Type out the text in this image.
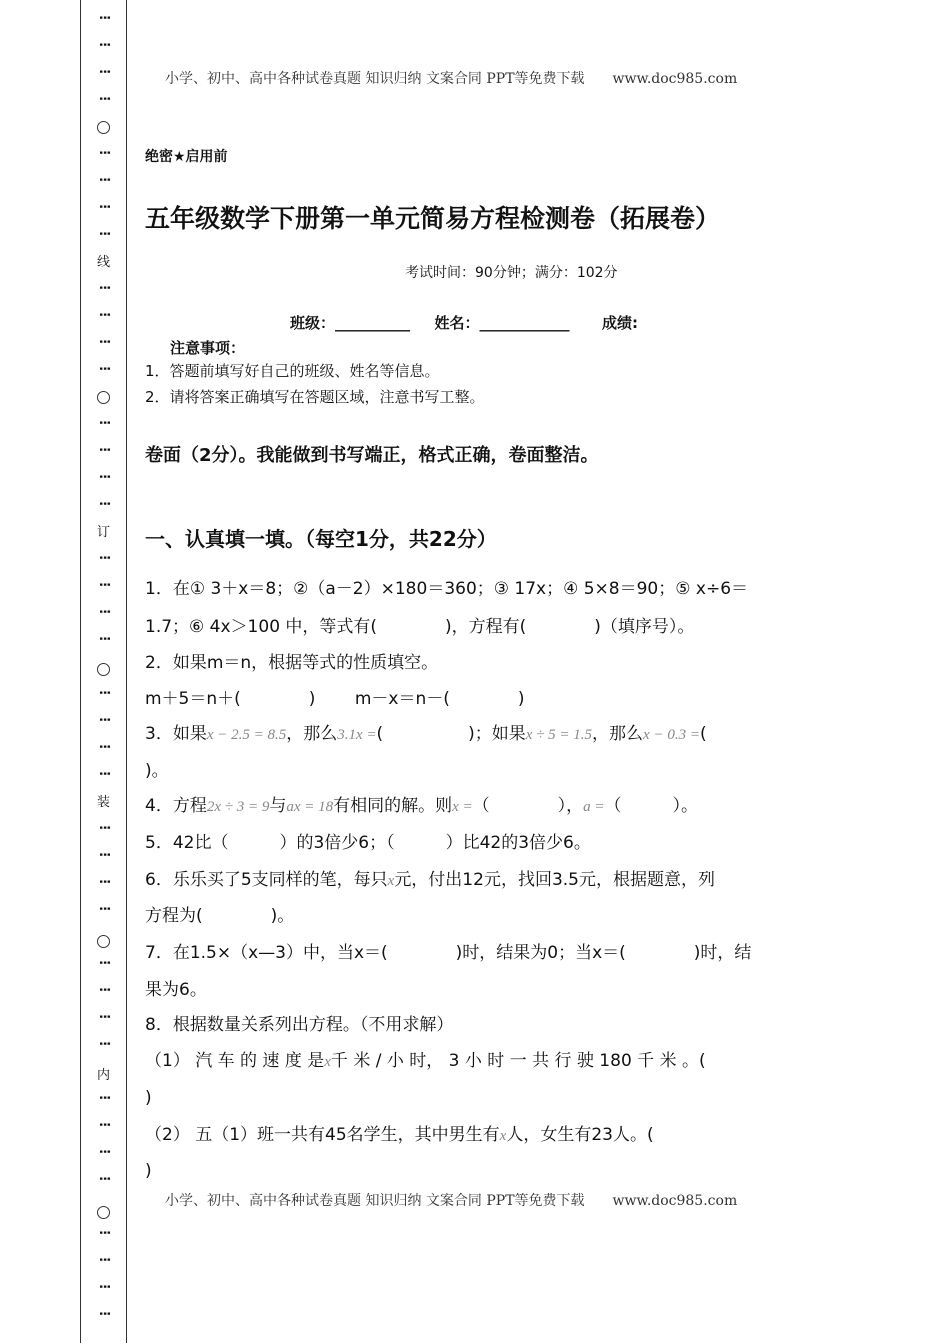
⋮
⋮
⋮
⋮
⋮
⋮
⋮
⋮
⋮
⋮
⋮
⋮
⋮
⋮
⋮
⋮
⋮
⋮
⋮
⋮
⋮
⋮
⋮
⋮
⋮
⋮
⋮
⋮
⋮
⋮
⋮
⋮
⋮
⋮
⋮
⋮
⋮
⋮
⋮
⋮
线
订
装
内
小学、初中、高中各种试卷真题 知识归纳 文案合同 PPT等免费下载　　www.doc985.com
绝密★启用前
五年级数学下册第一单元简易方程检测卷（拓展卷）
考试时间：90分钟；满分：102分
班级：__________ 姓名：____________ 成绩:
注意事项：
1．答题前填写好自己的班级、姓名等信息。
2．请将答案正确填写在答题区域，注意书写工整。
卷面（2分）。我能做到书写端正，格式正确，卷面整洁。
一、认真填一填。（每空1分，共22分）
1．在① 3＋x＝8；②（a－2）×180＝360；③ 17x；④ 5×8＝90；⑤ x÷6＝
1.7；⑥ 4x＞100 中，等式有(　　　　)，方程有(　　　　)（填序号）。
2．如果m＝n，根据等式的性质填空。
m＋5＝n＋(　　　　)　　 m－x＝n－(　　　　)
3．如果x − 2.5 = 8.5，那么3.1x =(　　　　　)；如果x ÷ 5 = 1.5，那么x − 0.3 =(
)。
4．方程2x ÷ 3 = 9与ax = 18有相同的解。则x =（　　　　），a =（　　　）。
5．42比（　　　）的3倍少6；（　　　）比42的3倍少6。
6．乐乐买了5支同样的笔，每只x元，付出12元，找回3.5元，根据题意，列
方程为(　　　　)。
7．在1.5×（x—3）中，当x＝(　　　　)时，结果为0；当x＝(　　　　)时，结
果为6。
8．根据数量关系列出方程。（不用求解）
（1） 汽 车 的 速 度 是x千 米 / 小 时， 3 小 时 一 共 行 驶 180 千 米 。(
)
（2） 五（1）班一共有45名学生，其中男生有x人，女生有23人。(
)
小学、初中、高中各种试卷真题 知识归纳 文案合同 PPT等免费下载　　www.doc985.com
